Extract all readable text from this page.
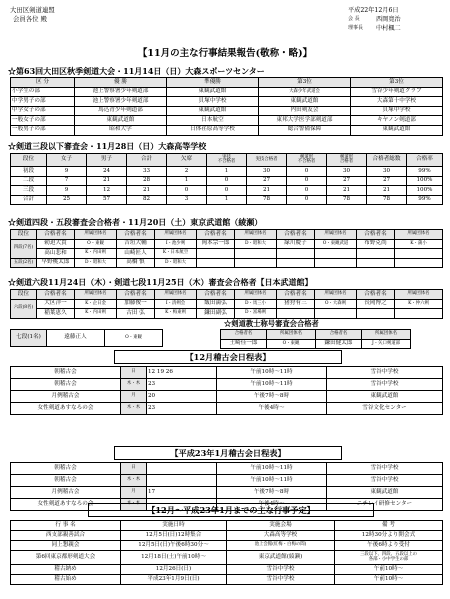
大田区剣道連盟
会員各位 殿
平成22年12月6日
会 長	西岡寛治
理事長	中村楓二
【11月の主な行事結果報告(敬称・略)】
☆第63回大田区秋季剣道大会・11月14日（日）大森スポーツセンター
区 分	優 勝	準優勝	第3位	第3位
小学生の部	池上警察署少年剣道部	東観武道館	大森少年武道会	雪谷少年剣道クラブ
中学男子の部	池上警察署少年剣道部	貝塚中学校	東観武道館	大森第十中学校
中学女子の部	馬込青少年剣道部	東観武道館	内田剣友会	貝塚中学校
一般女子の部	東観武道館	日本航空	東邦大学医学部剣道部	キヤノン剣道部
一般男子の部	昭和大学	日体荏原高等学校	総合警備保障	東観武道館
☆剣道三段以下審査会・11月28日（日）大森高等学校
段位	女子	男子	合計	欠席	実技
不合格者	実技合格者	剣道形
不合格者	剣道形
合格者	合格者総数	合格率
初段	9	24	33	2	1	30	0	30	30	99%
二段	7	21	28	1	0	27	0	27	27	100%
三段	9	12	21	0	0	21	0	21	21	100%
合計	25	57	82	3	1	78	0	78	78	99%
☆剣道四段・五段審査会合格者・11月20日（土）東京武道館（綾瀬）
段位	合格者名	所属団体名	合格者名	所属団体名	合格者名	所属団体名	合格者名	所属団体名	合格者名	所属団体名
四段(7名)	勅迫大貴	O・東観	吉垣大輔	Ⅰ・池少剣	岡本宗一郎	D・昭和大	緑川慶子	O・東観武道	布野克尚	K・蒲小
	高山悲和	K・内田剣	山崎匠人	K・日本航空						
五段(2名)	早野桃太郎	D・昭和大	高橋 慎	D・昭和大						
☆剣道六段11月24日（木）・剣道七段11月25日（木）審査会合格者【日本武道館】
段位	合格者名	所属団体名	合格者名	所属団体名	合格者名	所属団体名	合格者名	所属団体名	合格者名	所属団体名
六段(8名)	大区洋一	K・企日金	加藤俊一	Ⅰ・清剣会	飯田満弘	D・馬三小	猪狩有三	O・大森剣	長岡博之	K・仲六剣
	稲葉恵久	K・内田剣	古田 弘	K・梅東剣	鎌田副弘	D・富場剣				
☆剣道教士称号審査会合格者
七段(1名)	遠藤正人	O・東観
合格者名	所属団体名	合格者名	所属団体名
土崎佳一郎	O・東観	鎌田健太郎	J・矢口剣道部
【12月稽古会日程表】
朝稽古会	日	12 19 26	午前10時～11時	雪谷中学校
朝稽古会	木・木	23	午前10時～11時	雪谷中学校
月例稽古会	月	20	午後7時～8時	東観武道館
女性剣道あすなろの会	木・木	23	午後4時～	雪谷文化センター
【平成23年1月稽古会日程表】
朝稽古会	日		午前10時～11時	雪谷中学校
朝稽古会	木・木		午前10時～11時	雪谷中学校
月例稽古会	月	17	午後7時～8時	東観武道館
女性剣道あすなろの会	木・木		午後4時～	ニチレイ研修センター
【12月～平成23年1月までの主な行事予定】
行 事 名	実施日時	実施会場	備 考
西支部親善試合	12月5日(日)12時集合	大森高等学校	12時30分より開会式
同上懇親会	12月5日(日)午後6時30分～	池上会館(紅梅・白梅の間)	午後6時より受付
第6回東京都形剣道大会	12月18日(土)午前10時～	東京武道館(綾瀬)	三段以下、四段、五段以上の
各部・小中学生の部
稽古納め	12月26日(日)	雪谷中学校	午前10時～
稽古始め	平成23年1月9日(日)	雪谷中学校	午前10時～
